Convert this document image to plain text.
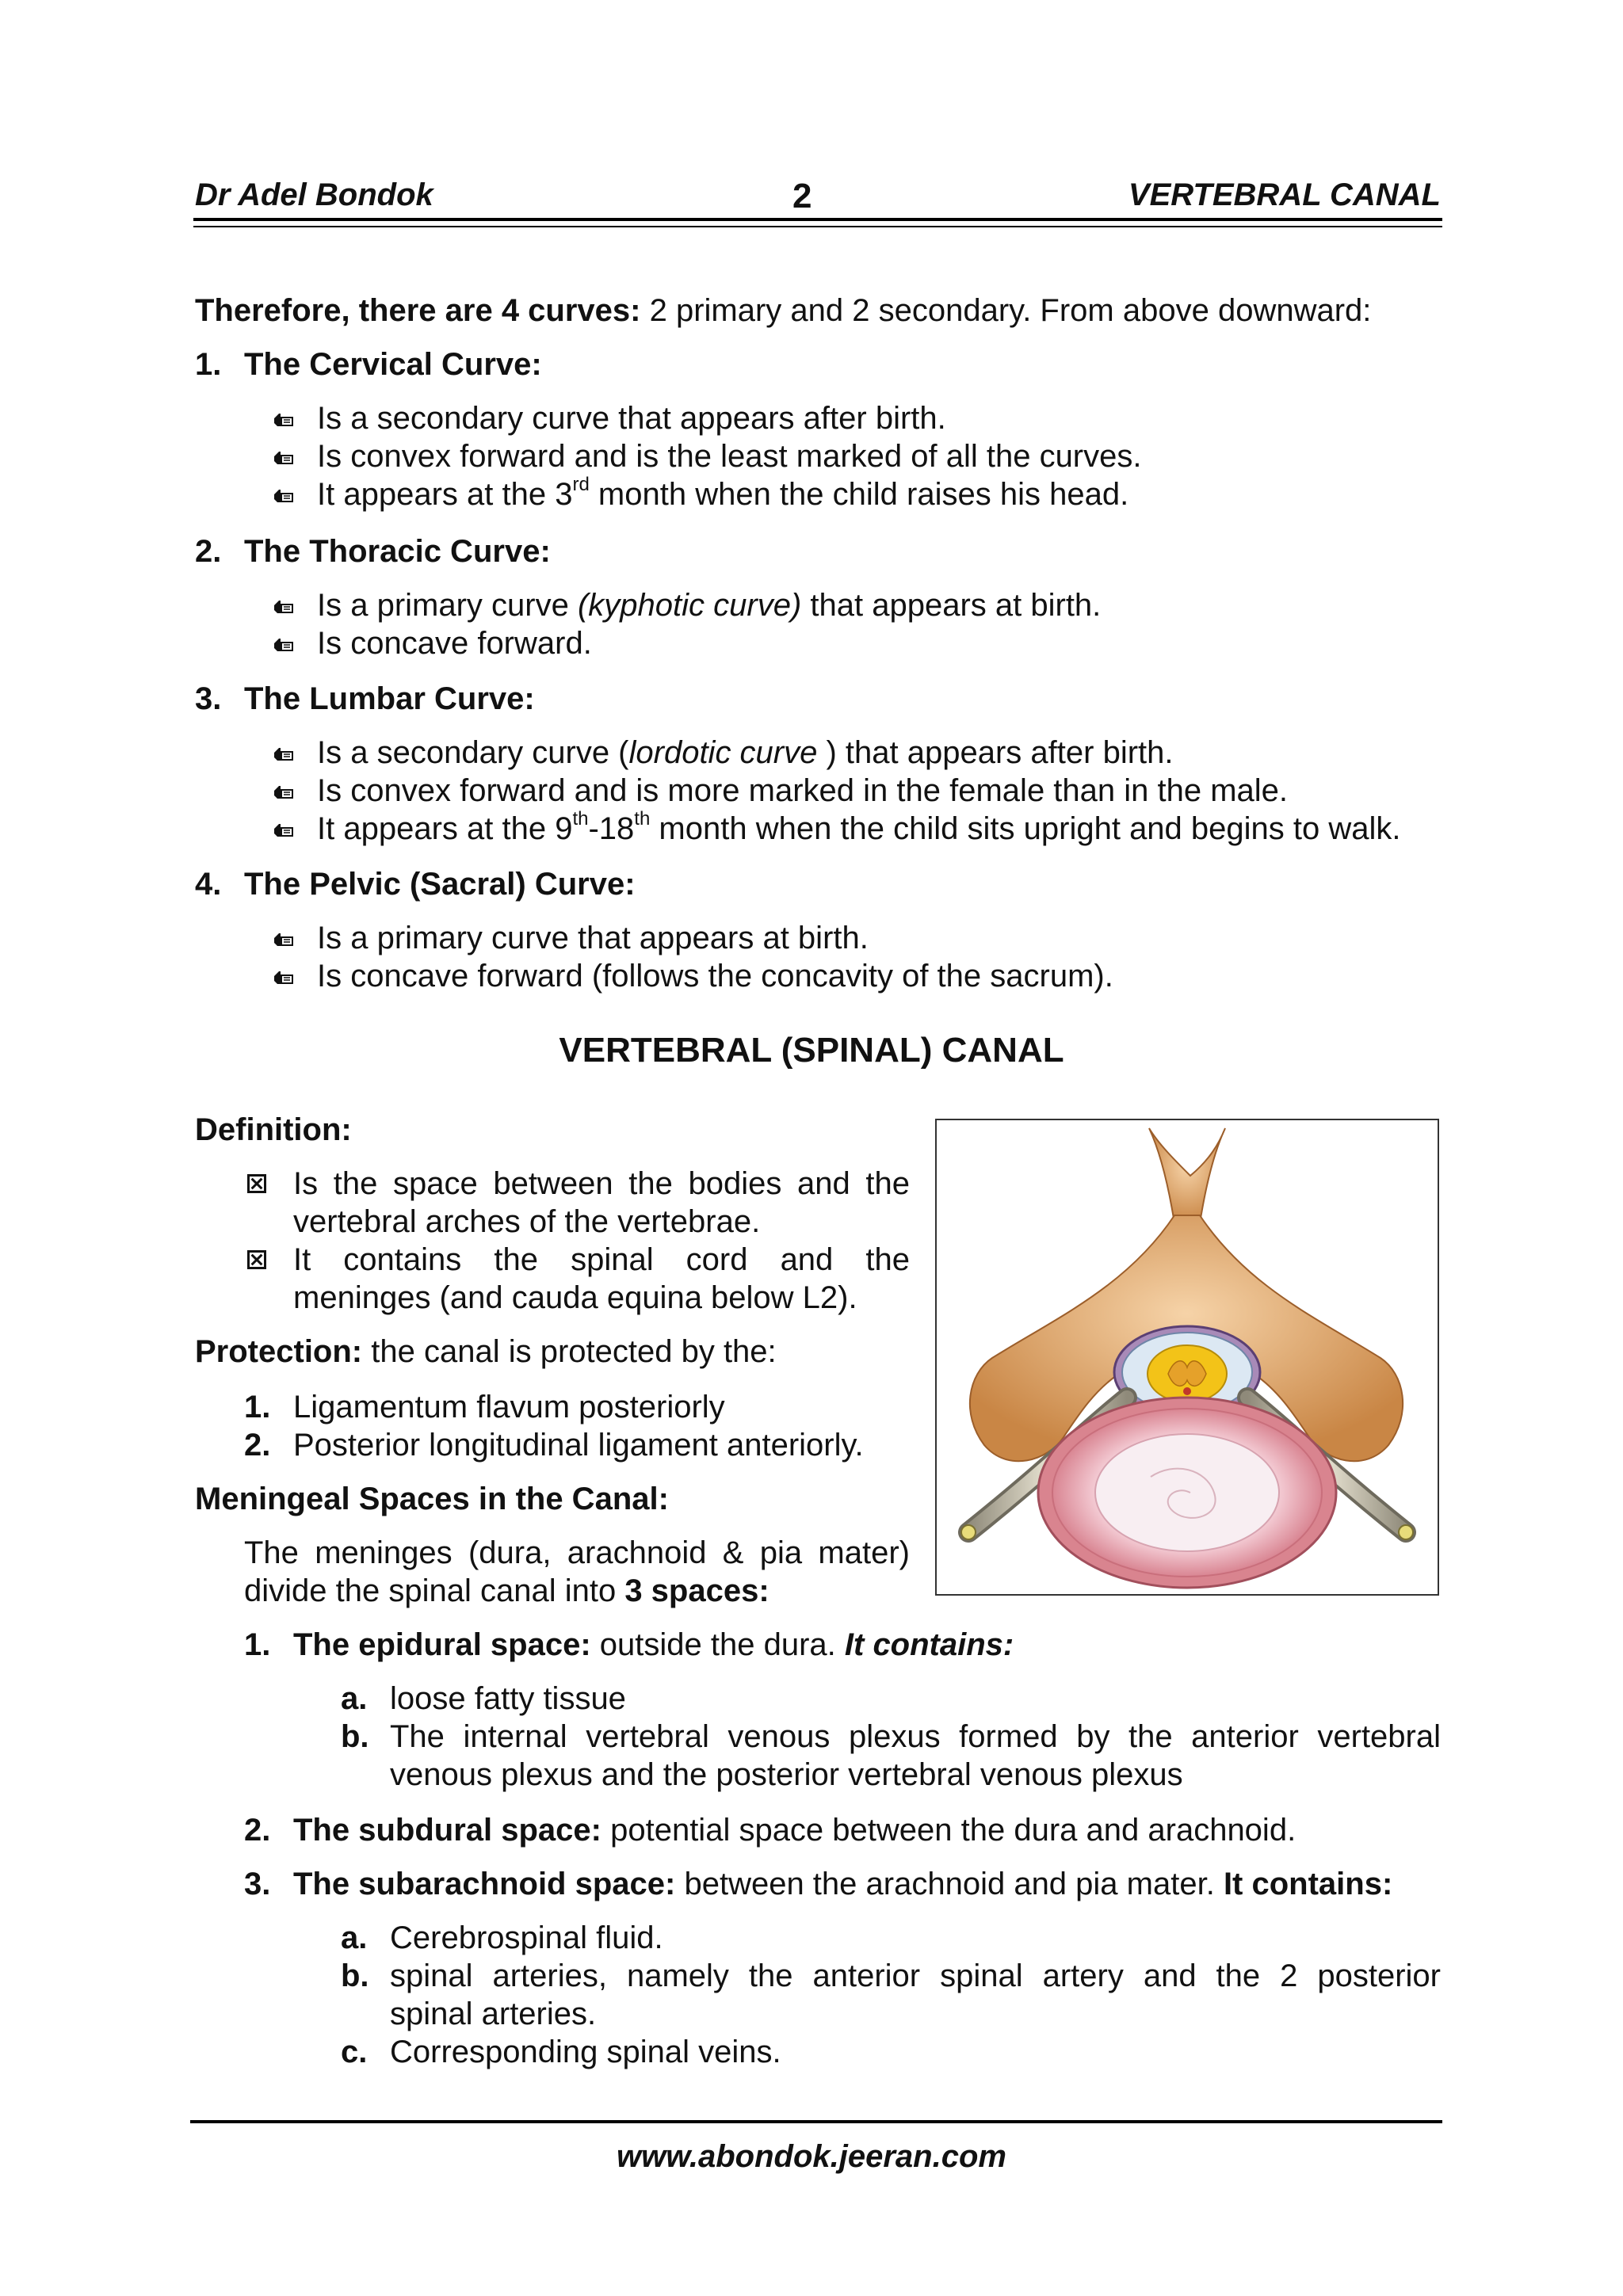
Dr Adel Bondok	2	VERTEBRAL CANAL
Therefore, there are 4 curves: 2 primary and 2 secondary. From above downward:
1. The Cervical Curve:
Is a secondary curve that appears after birth.
Is convex forward and is the least marked of all the curves.
It appears at the 3rd month when the child raises his head.
2. The Thoracic Curve:
Is a primary curve (kyphotic curve) that appears at birth.
Is concave forward.
3. The Lumbar Curve:
Is a secondary curve (lordotic curve ) that appears after birth.
Is convex forward and is more marked in the female than in the male.
It appears at the 9th-18th month when the child sits upright and begins to walk.
4. The Pelvic (Sacral) Curve:
Is a primary curve that appears at birth.
Is concave forward (follows the concavity of the sacrum).
VERTEBRAL (SPINAL) CANAL
Definition:
Is the space between the bodies and the
vertebral arches of the vertebrae.
It contains the spinal cord and the
meninges (and cauda equina below L2).
Protection: the canal is protected by the:
1. Ligamentum flavum posteriorly
2. Posterior longitudinal ligament anteriorly.
Meningeal Spaces in the Canal:
The meninges (dura, arachnoid & pia mater)
divide the spinal canal into 3 spaces:
1. The epidural space: outside the dura. It contains:
a. loose fatty tissue
b. The internal vertebral venous plexus formed by the anterior vertebral
venous plexus and the posterior vertebral venous plexus
2. The subdural space: potential space between the dura and arachnoid.
3. The subarachnoid space: between the arachnoid and pia mater. It contains:
a. Cerebrospinal fluid.
b. spinal arteries, namely the anterior spinal artery and the 2 posterior
spinal arteries.
c. Corresponding spinal veins.
www.abondok.jeeran.com
